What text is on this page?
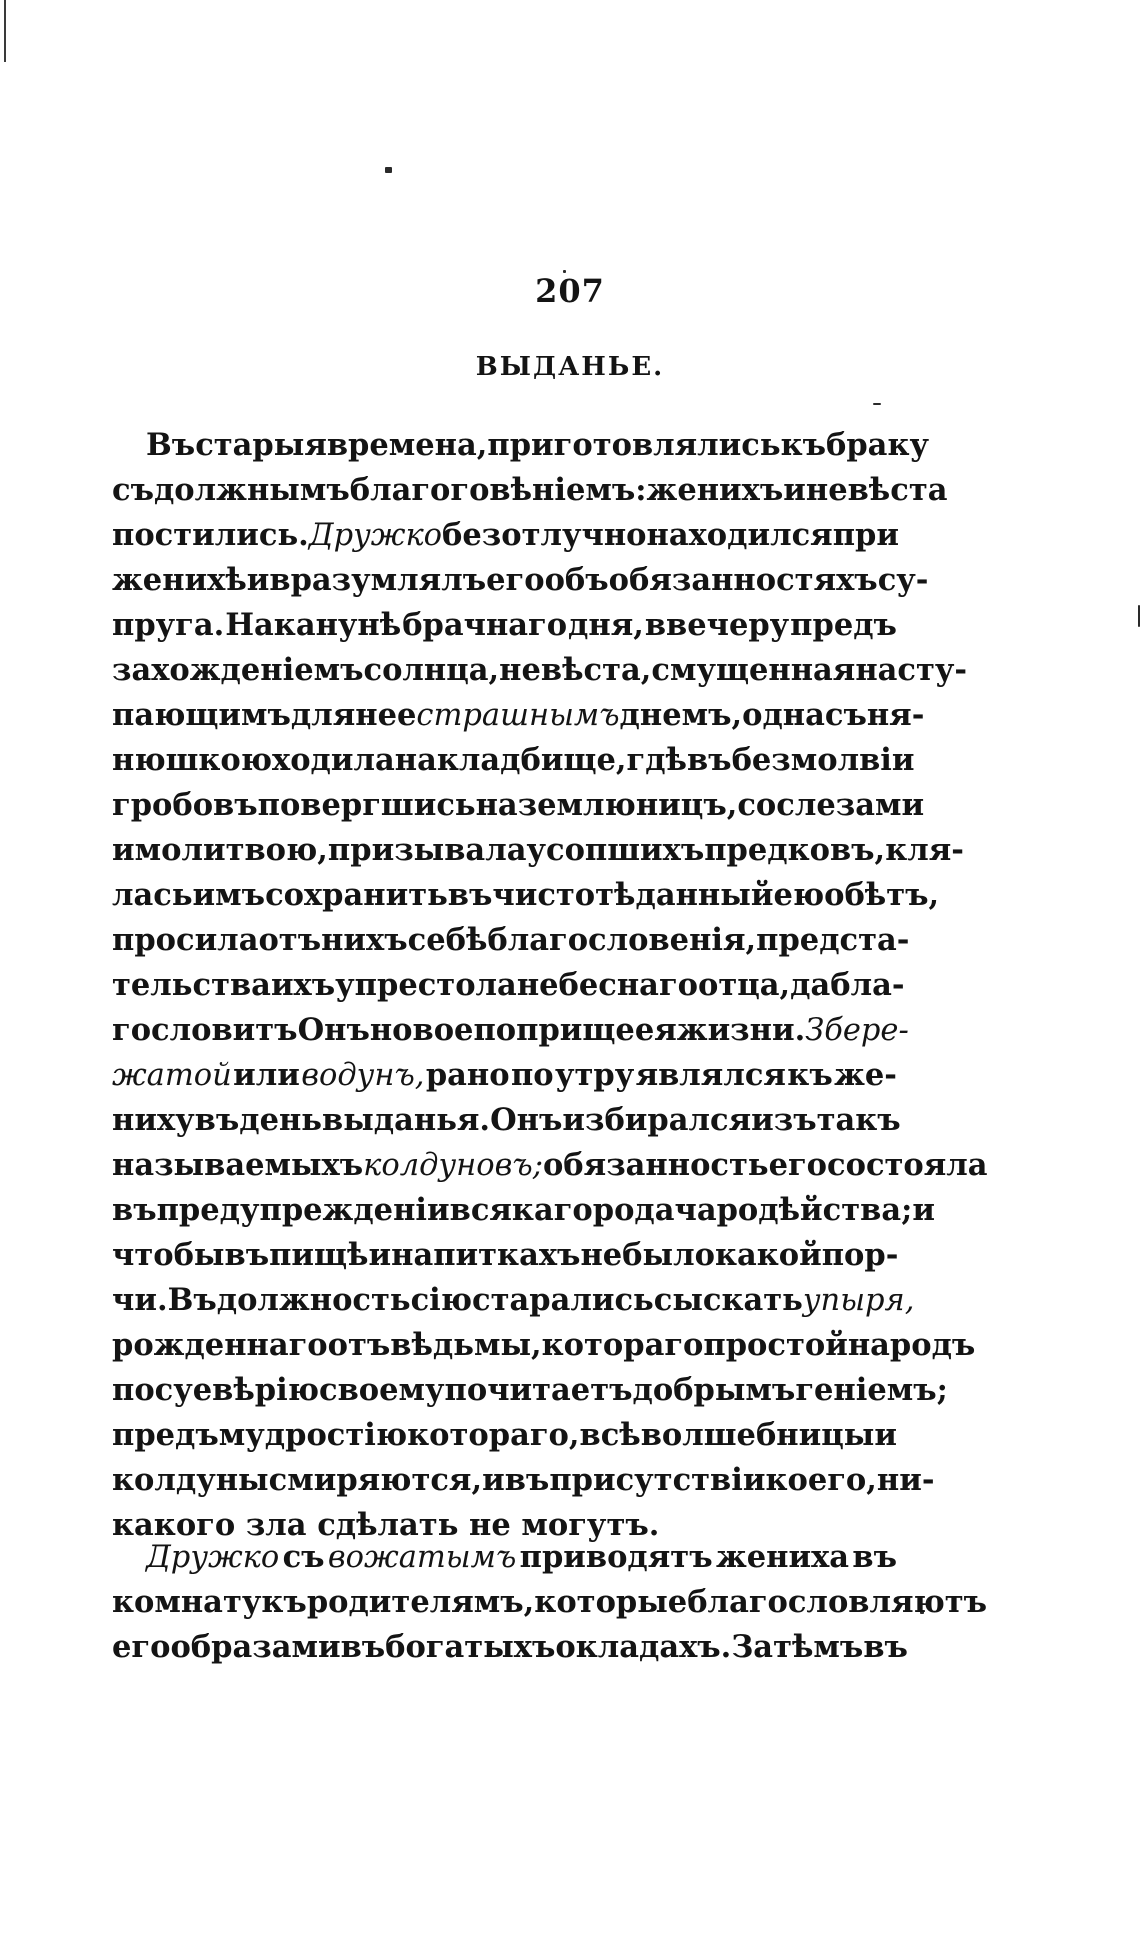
207
ВЫДАНЬЕ.
Въ старыя времена, приготовлялись къ браку
съ должнымъ благоговѣніемъ: женихъ и невѣста
постились. Дружко безотлучно находился при
женихѣ и вразумлялъ его объ обязанностяхъ су-
пруга. Наканунѣ брачнаго дня, ввечеру предъ
захожденіемъ солнца, невѣста, смущенная насту-
пающимъ для нее страшнымъ днемъ, одна съ ня-
нюшкою ходила на кладбище, гдѣ въ безмолвіи
гробовъ повергшись на землю ницъ, со слезами
и молитвою, призывала усопшихъ предковъ, кля-
лась имъ сохранить въ чистотѣ данный ею обѣтъ,
просила отъ нихъ себѣ благословенія, предста-
тельства ихъ у престола небеснаго отца, да бла-
гословитъ Онъ новое поприще ея жизни. Збере-
жатой или водунъ, рано по утру являлся къ же-
ниху въ день выданья. Онъ избирался изъ такъ
называемыхъ колдуновъ; обязанность его состояла
въ предупрежденіи всякаго рода чародѣйства; и
что бы въ пищѣ и напиткахъ не было какой пор-
чи. Въ должность сію старались сыскать упыря,
рожденнаго отъ вѣдьмы, котораго простой народъ
по суевѣрію своему почитаетъ добрымъ геніемъ;
предъ мудростію котораго, всѣ волшебницы и
колдуны смиряются, и въ присутствіи коего, ни-
какого зла сдѣлать не могутъ.
Дружко съ вожатымъ приводятъ жениха въ
комнату къ родителямъ, которые благословляютъ
его образами въ богатыхъ окладахъ. Затѣмъ въ
